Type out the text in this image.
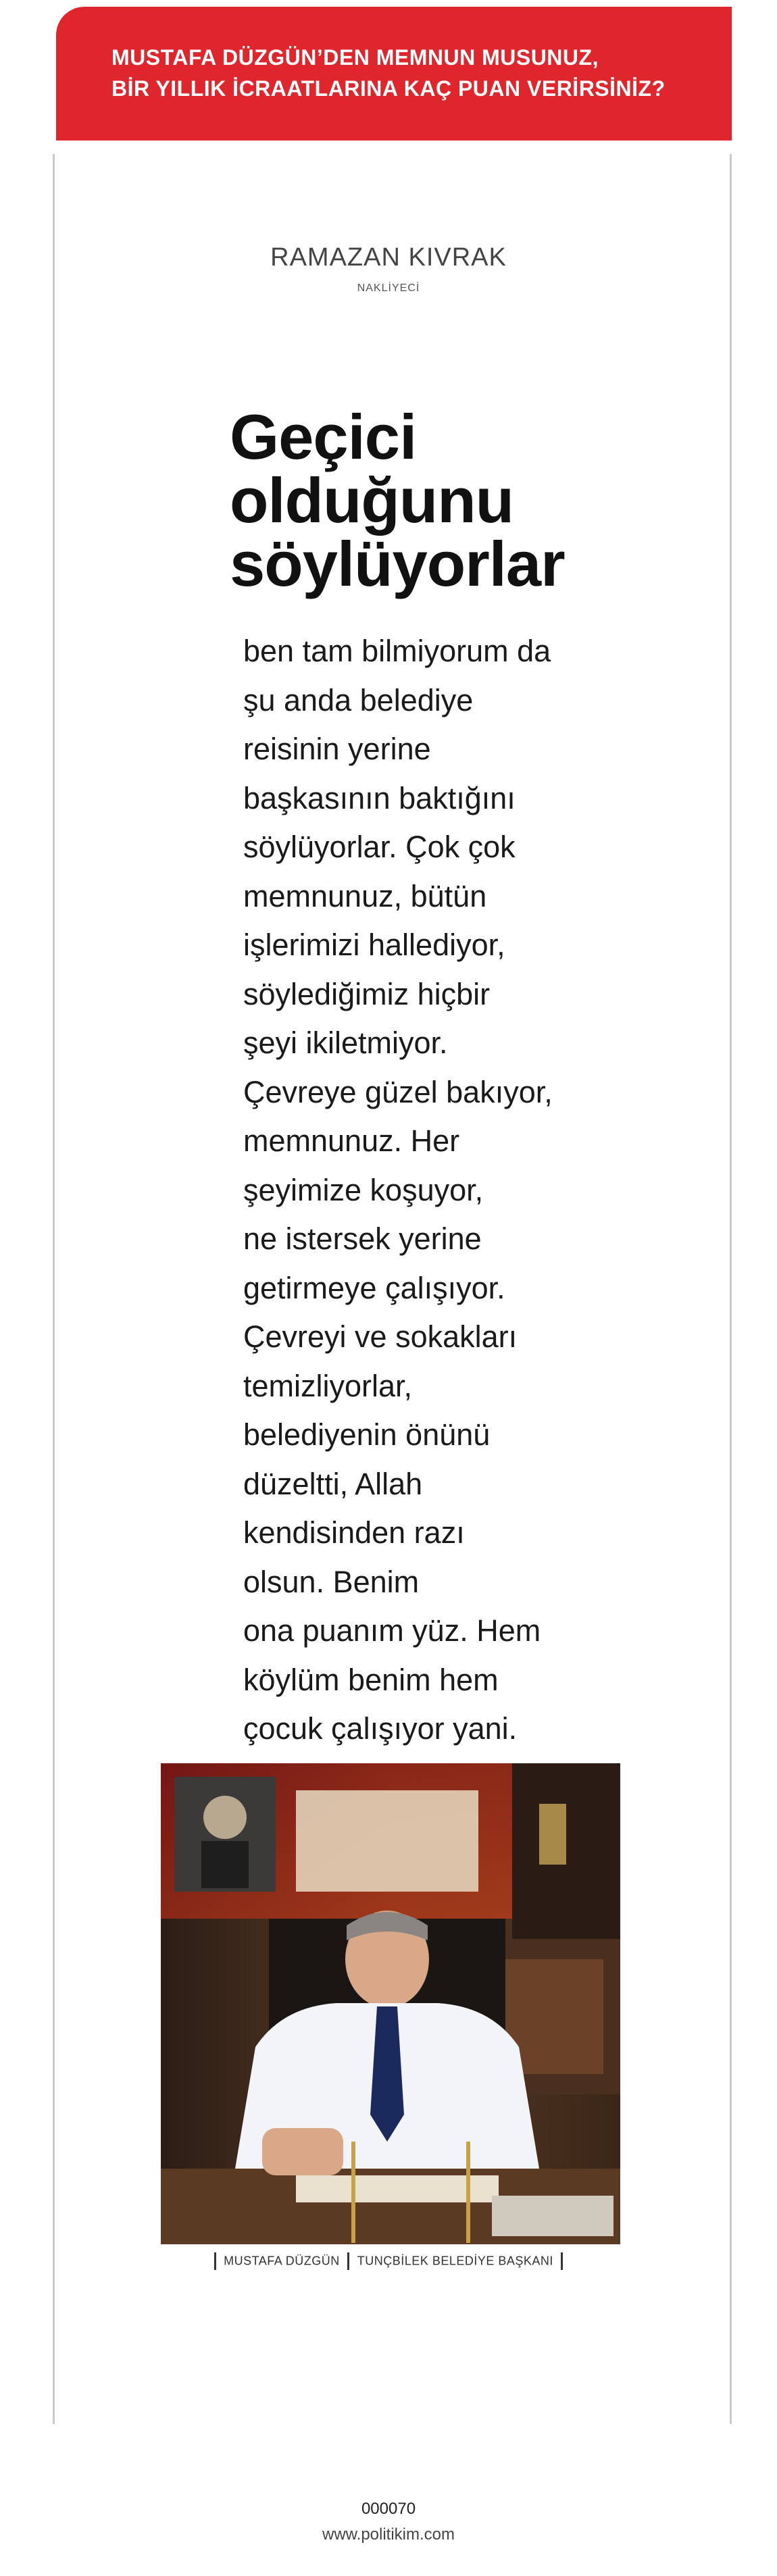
MUSTAFA DÜZGÜN’DEN MEMNUN MUSUNUZ,
BİR YILLIK İCRAATLARINA KAÇ PUAN VERİRSİNİZ?
RAMAZAN KIVRAK
NAKLİYECİ
Geçici
olduğunu
söylüyorlar
ben tam bilmiyorum da
şu anda belediye
reisinin yerine
başkasının baktığını
söylüyorlar. Çok çok
memnunuz, bütün
işlerimizi hallediyor,
söylediğimiz hiçbir
şeyi ikiletmiyor.
Çevreye güzel bakıyor,
memnunuz. Her
şeyimize koşuyor,
ne istersek yerine
getirmeye çalışıyor.
Çevreyi ve sokakları
temizliyorlar,
belediyenin önünü
düzeltti, Allah
kendisinden razı
olsun. Benim
ona puanım yüz. Hem
köylüm benim hem
çocuk çalışıyor yani.
MUSTAFA DÜZGÜN TUNÇBİLEK BELEDİYE BAŞKANI
000070
www.politikim.com
